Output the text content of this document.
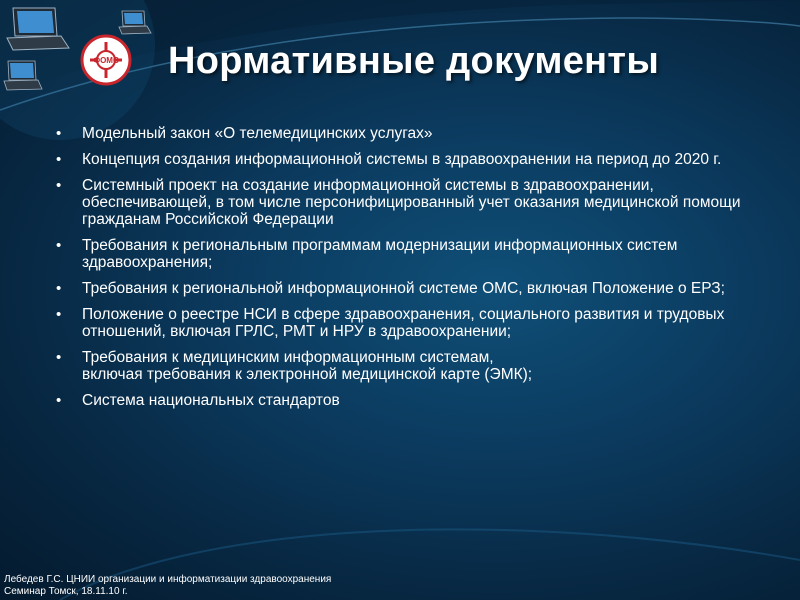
ФОМС Нормативные документы
• Модельный закон «О телемедицинских услугах»
• Концепция создания информационной системы в здравоохранении на период до 2020 г.
• Системный проект на создание информационной системы в здравоохранении, обеспечивающей, в том числе персонифицированный учет оказания медицинской помощи гражданам Российской Федерации
• Требования к региональным программам модернизации информационных систем здравоохранения;
• Требования к региональной информационной системе ОМС, включая Положение о ЕРЗ;
• Положение о реестре НСИ в сфере здравоохранения, социального развития и трудовых отношений, включая ГРЛС, РМТ и НРУ в здравоохранении;
• Требования к медицинским информационным системам,
включая требования к электронной медицинской карте (ЭМК);
• Система национальных стандартов
Лебедев Г.С. ЦНИИ организации и информатизации здравоохранения
Семинар Томск, 18.11.10 г.
